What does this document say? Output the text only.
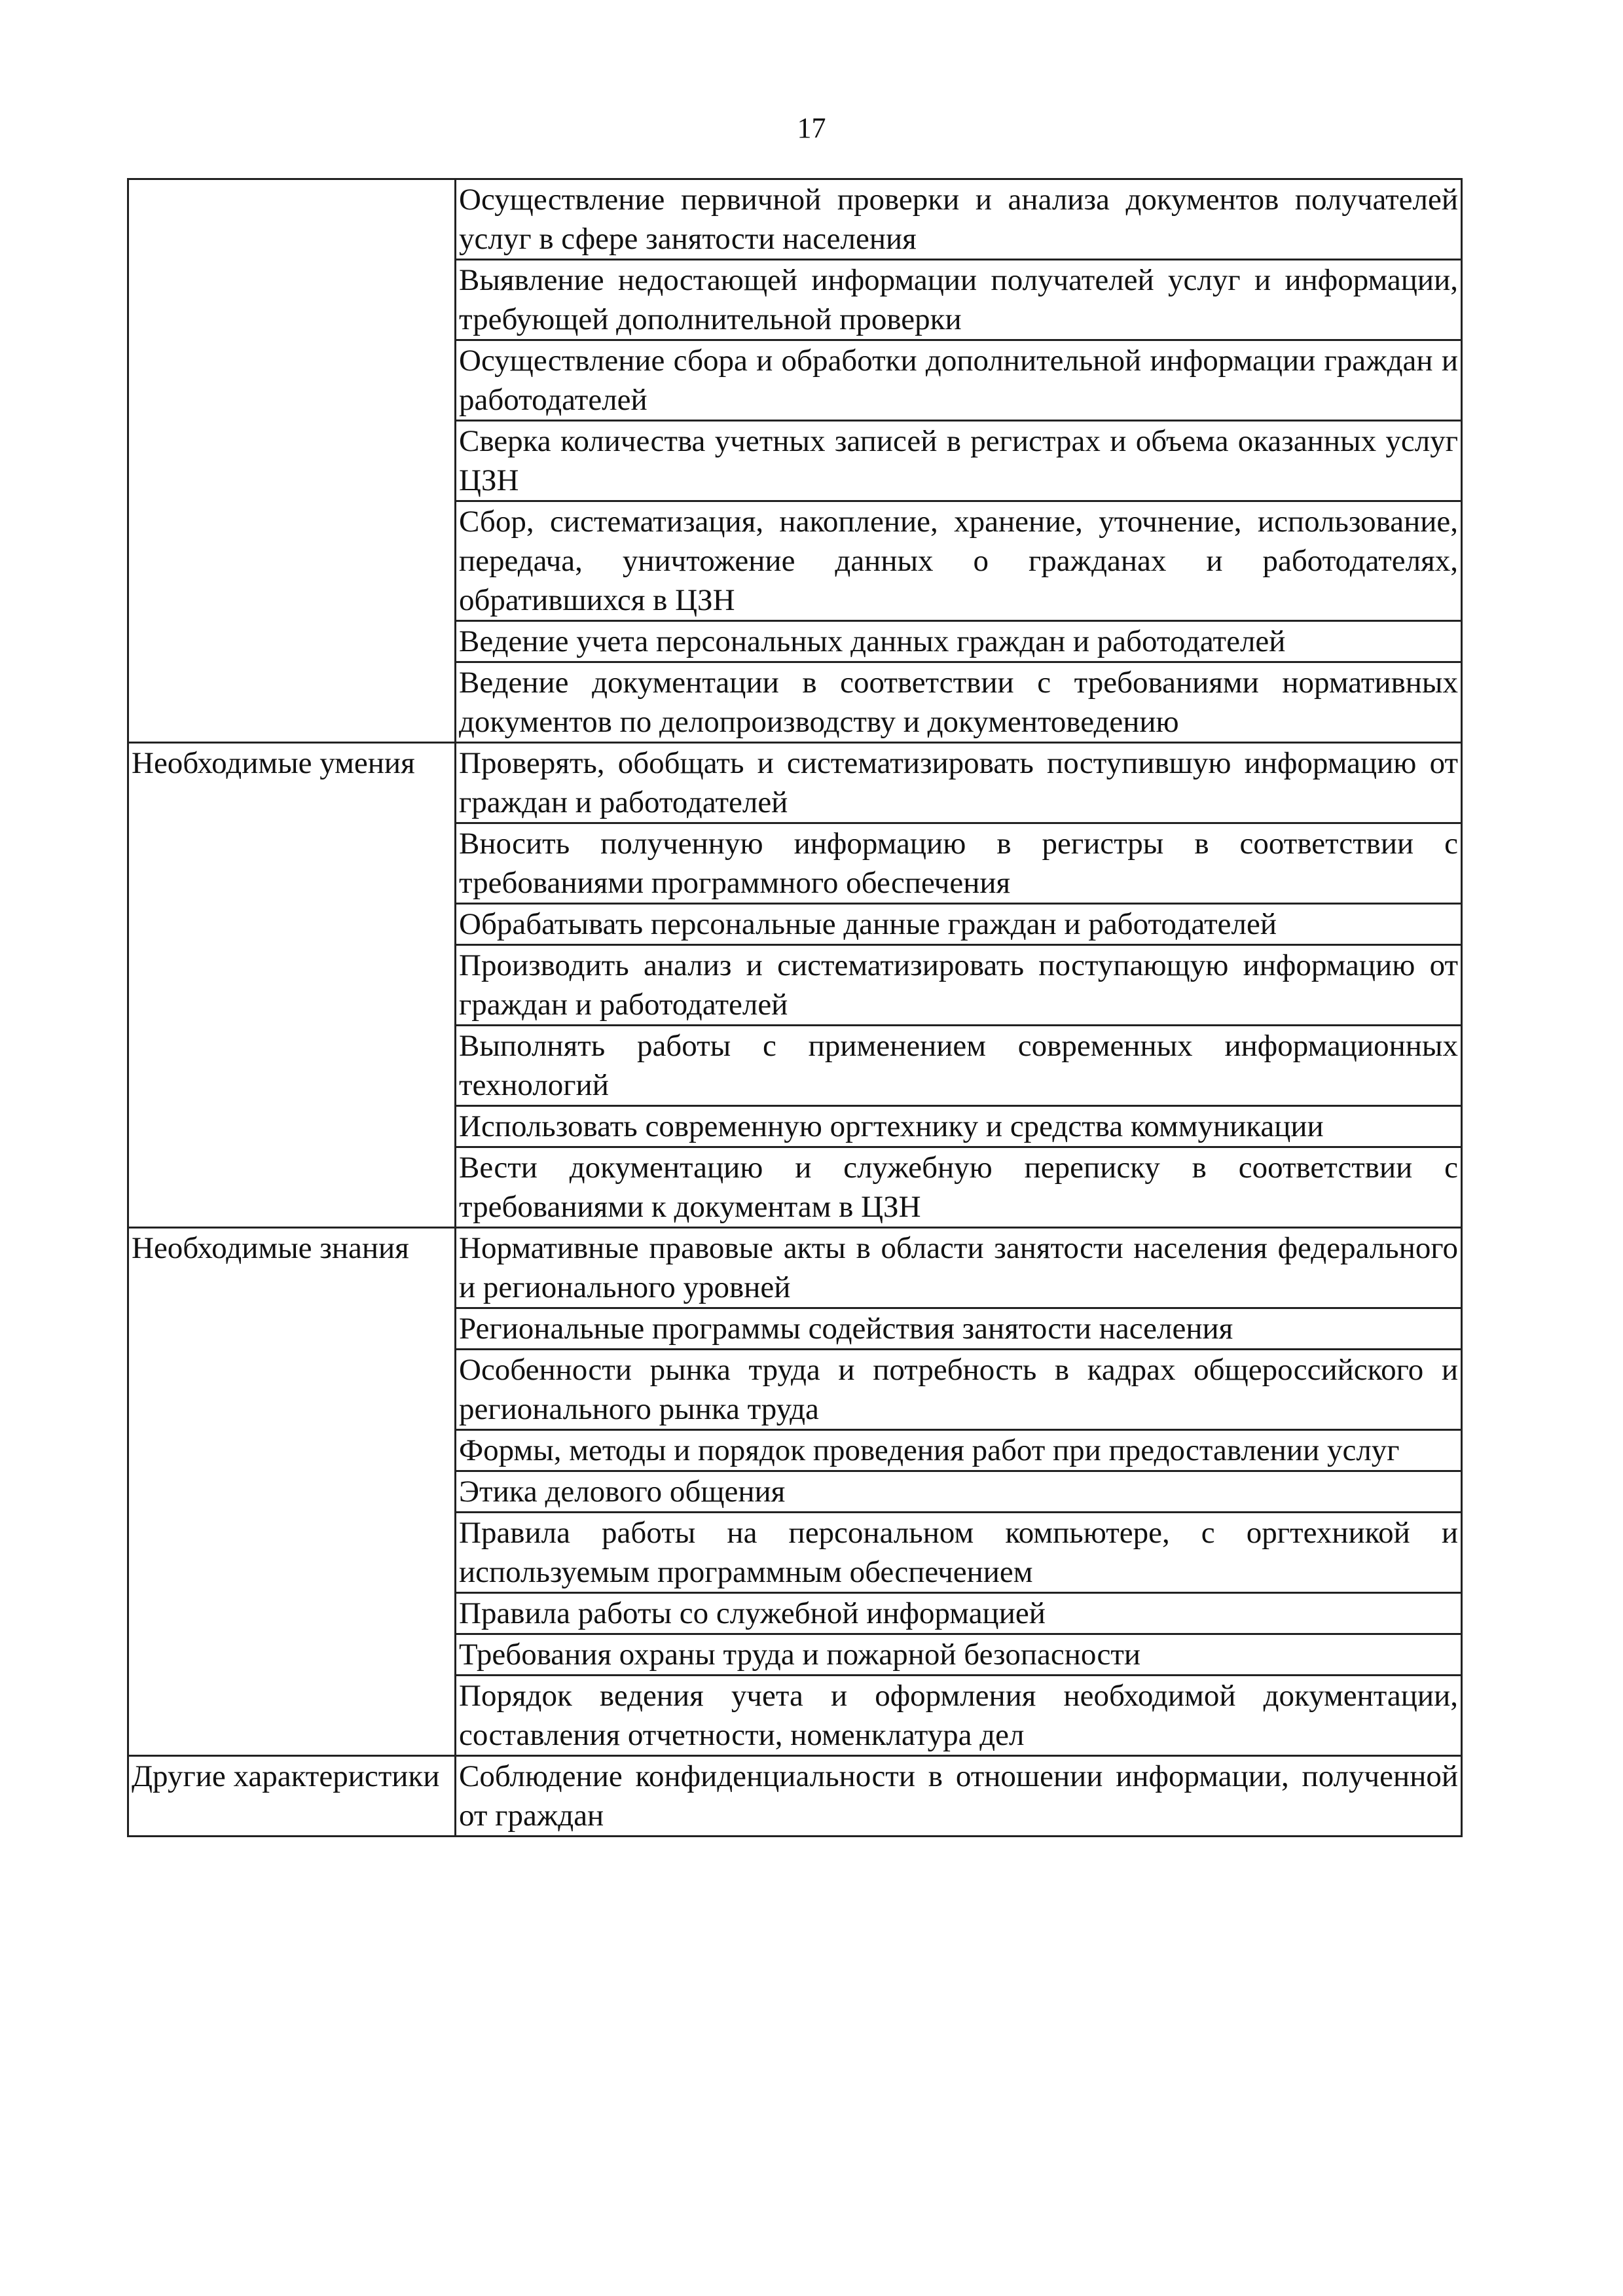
17
	Осуществление первичной проверки и анализа документов получателей услуг в сфере занятости населения
	Выявление недостающей информации получателей услуг и информации, требующей дополнительной проверки
	Осуществление сбора и обработки дополнительной информации граждан и работодателей
	Сверка количества учетных записей в регистрах и объема оказанных услуг ЦЗН
	Сбор, систематизация, накопление, хранение, уточнение, использование, передача, уничтожение данных о гражданах и работодателях, обратившихся в ЦЗН
	Ведение учета персональных данных граждан и работодателей
	Ведение документации в соответствии с требованиями нормативных документов по делопроизводству и документоведению
Необходимые умения	Проверять, обобщать и систематизировать поступившую информацию от граждан и работодателей
	Вносить полученную информацию в регистры в соответствии с требованиями программного обеспечения
	Обрабатывать персональные данные граждан и работодателей
	Производить анализ и систематизировать поступающую информацию от граждан и работодателей
	Выполнять работы с применением современных информационных технологий
	Использовать современную оргтехнику и средства коммуникации
	Вести документацию и служебную переписку в соответствии с требованиями к документам в ЦЗН
Необходимые знания	Нормативные правовые акты в области занятости населения федерального и регионального уровней
	Региональные программы содействия занятости населения
	Особенности рынка труда и потребность в кадрах общероссийского и регионального рынка труда
	Формы, методы и порядок проведения работ при предоставлении услуг
	Этика делового общения
	Правила работы на персональном компьютере, с оргтехникой и используемым программным обеспечением
	Правила работы со служебной информацией
	Требования охраны труда и пожарной безопасности
	Порядок ведения учета и оформления необходимой документации, составления отчетности, номенклатура дел
Другие характеристики	Соблюдение конфиденциальности в отношении информации, полученной от граждан
